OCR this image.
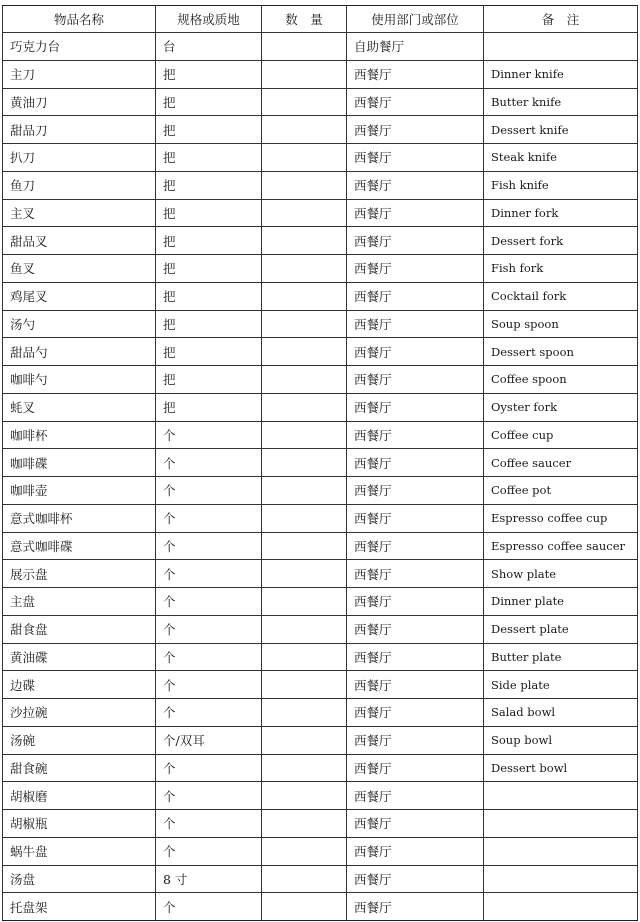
物品名称	规格或质地	数　量	使用部门或部位	备　注
巧克力台	台		自助餐厅	
主刀	把		西餐厅	Dinner knife
黄油刀	把		西餐厅	Butter knife
甜品刀	把		西餐厅	Dessert knife
扒刀	把		西餐厅	Steak knife
鱼刀	把		西餐厅	Fish knife
主叉	把		西餐厅	Dinner fork
甜品叉	把		西餐厅	Dessert fork
鱼叉	把		西餐厅	Fish fork
鸡尾叉	把		西餐厅	Cocktail fork
汤勺	把		西餐厅	Soup spoon
甜品勺	把		西餐厅	Dessert spoon
咖啡勺	把		西餐厅	Coffee spoon
蚝叉	把		西餐厅	Oyster fork
咖啡杯	个		西餐厅	Coffee cup
咖啡碟	个		西餐厅	Coffee saucer
咖啡壶	个		西餐厅	Coffee pot
意式咖啡杯	个		西餐厅	Espresso coffee cup
意式咖啡碟	个		西餐厅	Espresso coffee saucer
展示盘	个		西餐厅	Show plate
主盘	个		西餐厅	Dinner plate
甜食盘	个		西餐厅	Dessert plate
黄油碟	个		西餐厅	Butter plate
边碟	个		西餐厅	Side plate
沙拉碗	个		西餐厅	Salad bowl
汤碗	个/双耳		西餐厅	Soup bowl
甜食碗	个		西餐厅	Dessert bowl
胡椒磨	个		西餐厅	
胡椒瓶	个		西餐厅	
蜗牛盘	个		西餐厅	
汤盘	8 寸		西餐厅	
托盘架	个		西餐厅	
